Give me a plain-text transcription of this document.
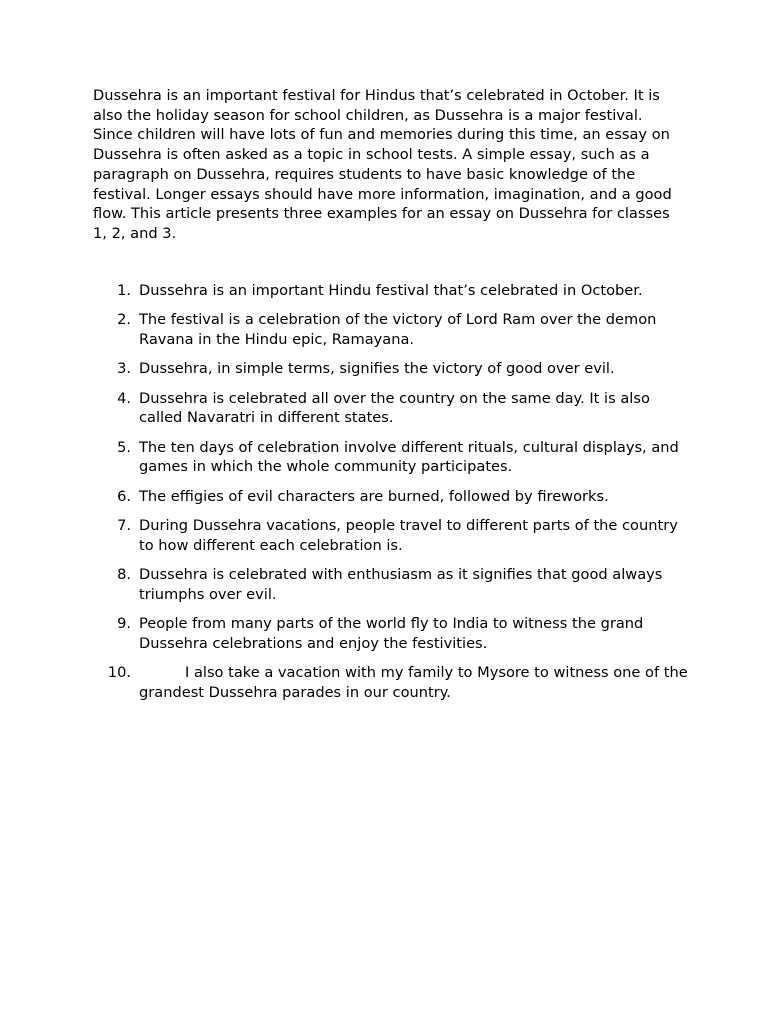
Dussehra is an important festival for Hindus that’s celebrated in October. It is also the holiday season for school children, as Dussehra is a major festival. Since children will have lots of fun and memories during this time, an essay on Dussehra is often asked as a topic in school tests. A simple essay, such as a paragraph on Dussehra, requires students to have basic knowledge of the festival. Longer essays should have more information, imagination, and a good flow. This article presents three examples for an essay on Dussehra for classes 1, 2, and 3.

1. Dussehra is an important Hindu festival that’s celebrated in October.
2. The festival is a celebration of the victory of Lord Ram over the demon Ravana in the Hindu epic, Ramayana.
3. Dussehra, in simple terms, signifies the victory of good over evil.
4. Dussehra is celebrated all over the country on the same day. It is also called Navaratri in different states.
5. The ten days of celebration involve different rituals, cultural displays, and games in which the whole community participates.
6. The effigies of evil characters are burned, followed by fireworks.
7. During Dussehra vacations, people travel to different parts of the country to how different each celebration is.
8. Dussehra is celebrated with enthusiasm as it signifies that good always triumphs over evil.
9. People from many parts of the world fly to India to witness the grand Dussehra celebrations and enjoy the festivities.
10.	I also take a vacation with my family to Mysore to witness one of the grandest Dussehra parades in our country.
